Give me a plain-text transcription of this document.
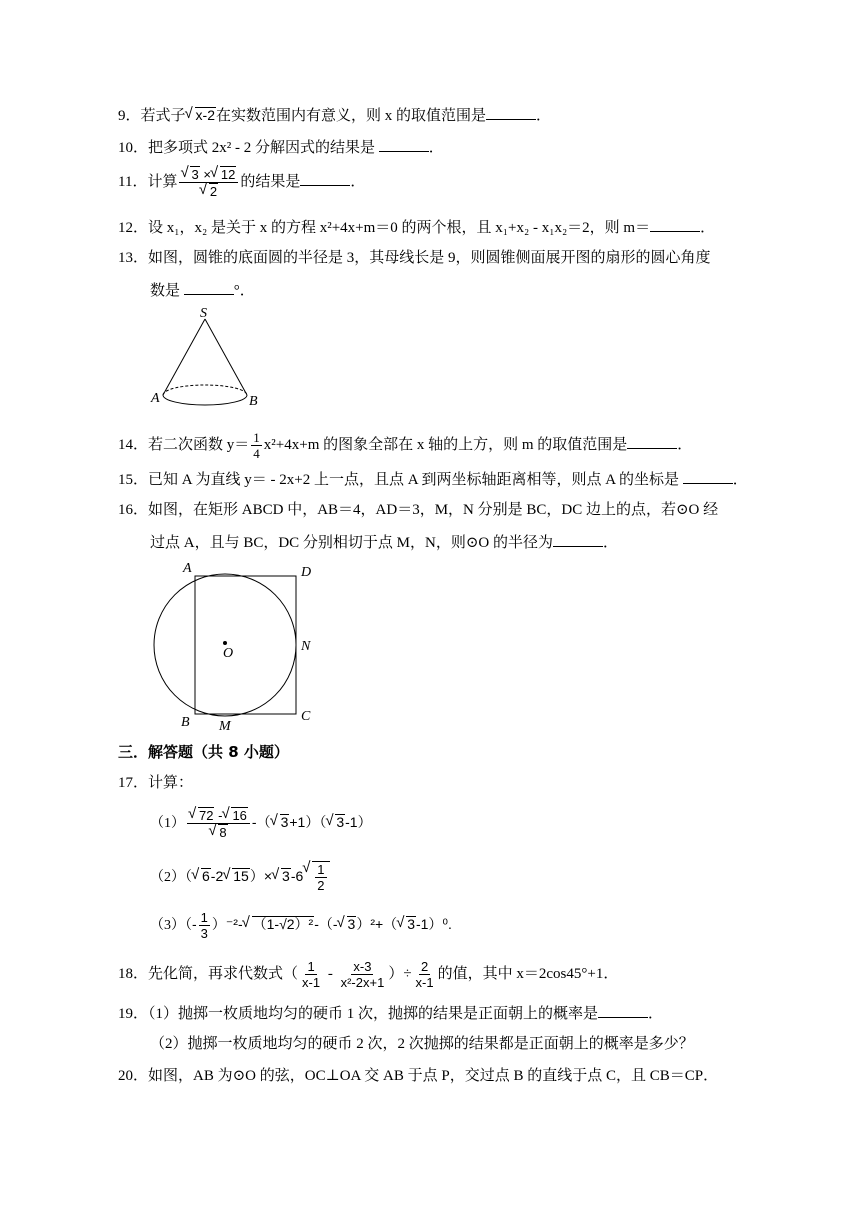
9．若式子√ x-2在实数范围内有意义，则 x 的取值范围是	．
10．把多项式 2x² - 2 分解因式的结果是	．
11．计算
√ 3 ×√ 12
√ 2 的结果是	．
12．设 x₁，x₂ 是关于 x 的方程 x²+4x+m＝0 的两个根，且 x₁+x₂ - x₁x₂＝2，则 m＝	．
13．如图，圆锥的底面圆的半径是 3，其母线长是 9，则圆锥侧面展开图的扇形的圆心角度
数是	°．
S
A	B
14．若二次函数 $y= \frac{1}{4} x^2+4x+m$ 的图象全部在 x 轴的上方，则 m 的取值范围是	．
15．已知 A 为直线 y＝ - 2x+2 上一点，且点 A 到两坐标轴距离相等，则点 A 的坐标是	．
16．如图，在矩形 ABCD 中，AB＝4，AD＝3，M，N 分别是 BC，DC 边上的点，若⊙O 经
过点 A，且与 BC，DC 分别相切于点 M，N，则⊙O 的半径为	．
A	D
B	C
M
N
O
三．解答题（共 8 小题）
17．计算：
（1）
√ 72 -√ 16
√ 8 -（√ 3+1）（√ 3-1）
（2）（√ 6-2√ 15）×√ 3-6
√ $\frac{1}{2}$
$(3)(- \frac{1}{3} )^{-2}-√$ （1-√2）²-（-√ 3）²+（√ 3-1）⁰.
18．先化简，再求代数式（ $\frac{1}{x-1} - \frac{x-3}{\text{x²-2x+1}}$ ）÷ $\frac{2}{x-1}$ 的值，其中 x＝2cos45°+1．
19．（1）抛掷一枚质地均匀的硬币 1 次，抛掷的结果是正面朝上的概率是	．
（2）抛掷一枚质地均匀的硬币 2 次，2 次抛掷的结果都是正面朝上的概率是多少？
20．如图，AB 为⊙O 的弦，OC⊥OA 交 AB 于点 P，交过点 B 的直线于点 C，且 CB＝CP．
